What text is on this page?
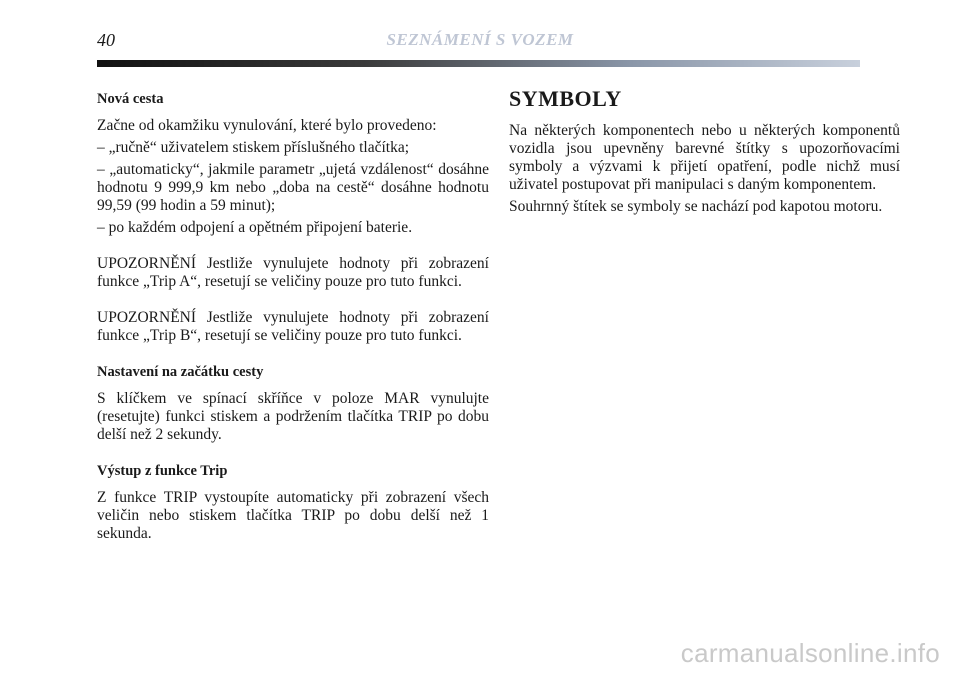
40	SEZNÁMENÍ S VOZEM
Nová cesta

Začne od okamžiku vynulování, které bylo provedeno:

– „ručně“ uživatelem stiskem příslušného tlačítka;

– „automaticky“, jakmile parametr „ujetá vzdálenost“ dosáhne hodnotu 9 999,9 km nebo „doba na cestě“ dosáhne hodnotu 99,59 (99 hodin a 59 minut);

– po každém odpojení a opětném připojení baterie.

UPOZORNĚNÍ Jestliže vynulujete hodnoty při zobrazení funkce „Trip A“, resetují se veličiny pouze pro tuto funkci.

UPOZORNĚNÍ Jestliže vynulujete hodnoty při zobrazení funkce „Trip B“, resetují se veličiny pouze pro tuto funkci.

Nastavení na začátku cesty

S klíčkem ve spínací skříňce v poloze MAR vynulujte (resetujte) funkci stiskem a podržením tlačítka TRIP po dobu delší než 2 sekundy.

Výstup z funkce Trip

Z funkce TRIP vystoupíte automaticky při zobrazení všech veličin nebo stiskem tlačítka TRIP po dobu delší než 1 sekunda.

SYMBOLY

Na některých komponentech nebo u některých komponentů vozidla jsou upevněny barevné štítky s upozorňovacími symboly a výzvami k přijetí opatření, podle nichž musí uživatel postupovat při manipulaci s daným komponentem.

Souhrnný štítek se symboly se nachází pod kapotou motoru.

carmanualsonline.info
